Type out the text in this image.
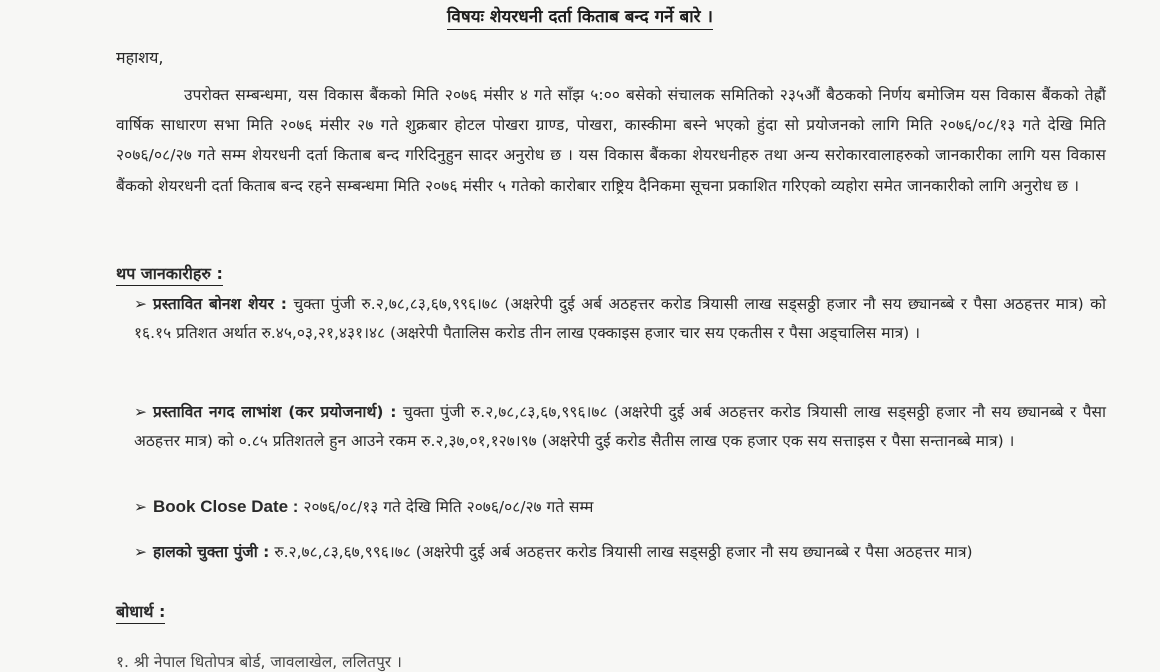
विषयः शेयरधनी दर्ता किताब बन्द गर्ने बारे ।
महाशय,
उपरोक्त सम्बन्धमा, यस विकास बैंकको मिति २०७६ मंसीर ४ गते साँझ ५:०० बसेको संचालक समितिको २३५औं बैठकको निर्णय बमोजिम यस विकास बैंकको तेह्रौं वार्षिक साधारण सभा मिति २०७६ मंसीर २७ गते शुक्रबार होटल पोखरा ग्राण्ड, पोखरा, कास्कीमा बस्ने भएको हुंदा सो प्रयोजनको लागि मिति २०७६/०८/१३ गते देखि मिति २०७६/०८/२७ गते सम्म शेयरधनी दर्ता किताब बन्द गरिदिनुहुन सादर अनुरोध छ । यस विकास बैंकका शेयरधनीहरु तथा अन्य सरोकारवालाहरुको जानकारीका लागि यस विकास बैंकको शेयरधनी दर्ता किताब बन्द रहने सम्बन्धमा मिति २०७६ मंसीर ५ गतेको कारोबार राष्ट्रिय दैनिकमा सूचना प्रकाशित गरिएको व्यहोरा समेत जानकारीको लागि अनुरोध छ ।
थप जानकारीहरु :
➢ प्रस्तावित बोनश शेयर : चुक्ता पुंजी रु.२,७८,८३,६७,९९६।७८ (अक्षरेपी दुई अर्ब अठहत्तर करोड त्रियासी लाख सड्सठ्ठी हजार नौ सय छ्यानब्बे र पैसा अठहत्तर मात्र) को १६.१५ प्रतिशत अर्थात रु.४५,०३,२१,४३१।४८ (अक्षरेपी पैतालिस करोड तीन लाख एक्काइस हजार चार सय एकतीस र पैसा अड्चालिस मात्र) ।
➢ प्रस्तावित नगद लाभांश (कर प्रयोजनार्थ) : चुक्ता पुंजी रु.२,७८,८३,६७,९९६।७८ (अक्षरेपी दुई अर्ब अठहत्तर करोड त्रियासी लाख सड्सठ्ठी हजार नौ सय छ्यानब्बे र पैसा अठहत्तर मात्र) को ०.८५ प्रतिशतले हुन आउने रकम रु.२,३७,०१,१२७।९७ (अक्षरेपी दुई करोड सैतीस लाख एक हजार एक सय सत्ताइस र पैसा सन्तानब्बे मात्र) ।
➢ Book Close Date : २०७६/०८/१३ गते देखि मिति २०७६/०८/२७ गते सम्म
➢ हालको चुक्ता पुंजी : रु.२,७८,८३,६७,९९६।७८ (अक्षरेपी दुई अर्ब अठहत्तर करोड त्रियासी लाख सड्सठ्ठी हजार नौ सय छ्यानब्बे र पैसा अठहत्तर मात्र)
बोधार्थ :
१. श्री नेपाल धितोपत्र बोर्ड, जावलाखेल, ललितपुर ।
